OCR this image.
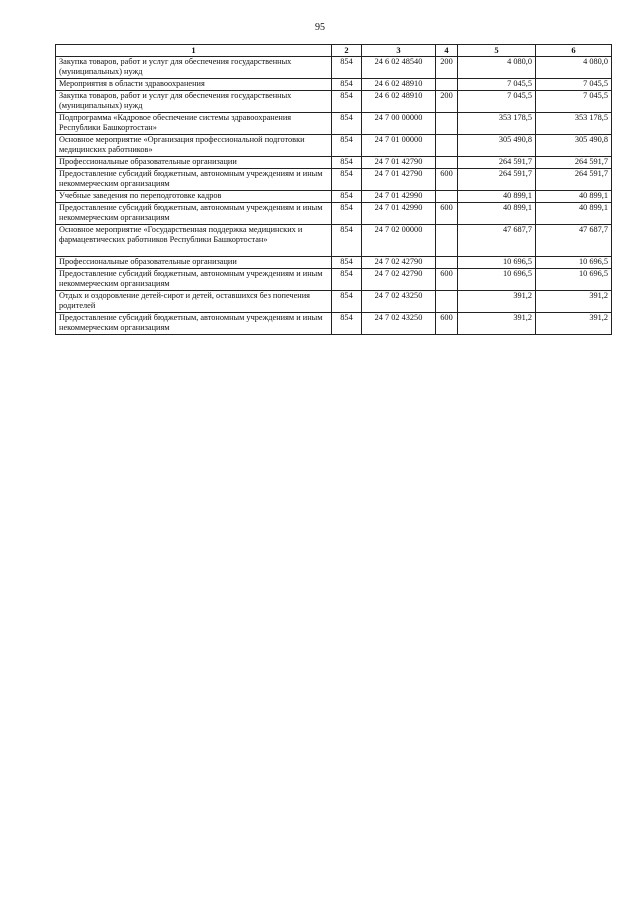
95
1	2	3	4	5	6
Закупка товаров, работ и услуг для обеспечения государственных (муниципальных) нужд	854	24 6 02 48540	200	4 080,0	4 080,0
Мероприятия в области здравоохранения	854	24 6 02 48910		7 045,5	7 045,5
Закупка товаров, работ и услуг для обеспечения государственных (муниципальных) нужд	854	24 6 02 48910	200	7 045,5	7 045,5
Подпрограмма «Кадровое обеспечение системы здравоохранения Республики Башкортостан»	854	24 7 00 00000		353 178,5	353 178,5
Основное мероприятие «Организация профессиональной подготовки медицинских работников»	854	24 7 01 00000		305 490,8	305 490,8
Профессиональные образовательные организации	854	24 7 01 42790		264 591,7	264 591,7
Предоставление субсидий бюджетным, автономным учреждениям и иным некоммерческим организациям	854	24 7 01 42790	600	264 591,7	264 591,7
Учебные заведения по переподготовке кадров	854	24 7 01 42990		40 899,1	40 899,1
Предоставление субсидий бюджетным, автономным учреждениям и иным некоммерческим организациям	854	24 7 01 42990	600	40 899,1	40 899,1
Основное мероприятие «Государственная поддержка медицинских и фармацевтических работников Республики Башкортостан»	854	24 7 02 00000		47 687,7	47 687,7
Профессиональные образовательные организации	854	24 7 02 42790		10 696,5	10 696,5
Предоставление субсидий бюджетным, автономным учреждениям и иным некоммерческим организациям	854	24 7 02 42790	600	10 696,5	10 696,5
Отдых и оздоровление детей-сирот и детей, оставшихся без попечения родителей	854	24 7 02 43250		391,2	391,2
Предоставление субсидий бюджетным, автономным учреждениям и иным некоммерческим организациям	854	24 7 02 43250	600	391,2	391,2
